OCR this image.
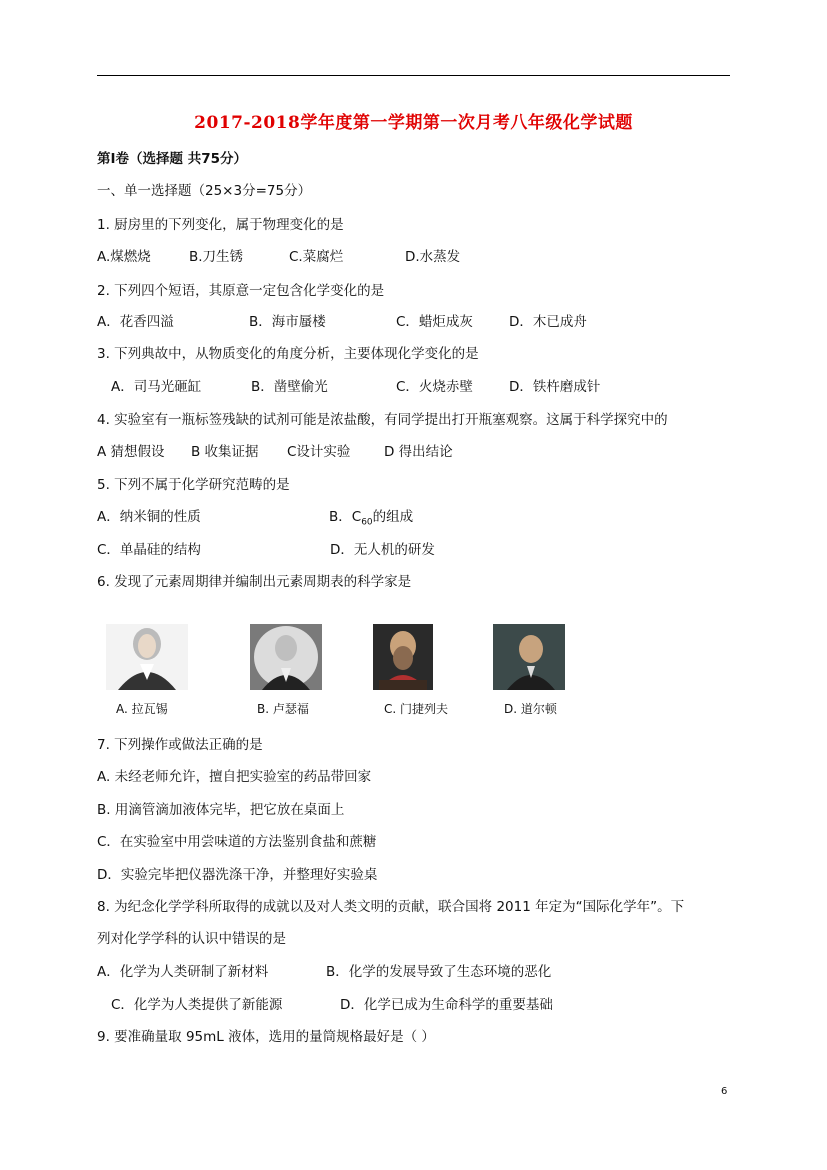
2017-2018学年度第一学期第一次月考八年级化学试题
第Ⅰ卷（选择题 共75分）
一、单一选择题（25×3分=75分）
1. 厨房里的下列变化，属于物理变化的是
A.煤燃烧	B.刀生锈	C.菜腐烂	D.水蒸发
2. 下列四个短语，其原意一定包含化学变化的是
A．花香四溢	B．海市蜃楼	C．蜡炬成灰	D．木已成舟
3. 下列典故中，从物质变化的角度分析，主要体现化学变化的是
A．司马光砸缸	B．凿壁偷光	C．火烧赤壁	D．铁杵磨成针
4. 实验室有一瓶标签残缺的试剂可能是浓盐酸，有同学提出打开瓶塞观察。这属于科学探究中的
A 猜想假设 B 收集证据 C设计实验 D 得出结论
5. 下列不属于化学研究范畴的是
A．纳米铜的性质	B．$C_{60}$的组成
C．单晶硅的结构	D．无人机的研发
6. 发现了元素周期律并编制出元素周期表的科学家是
A. 拉瓦锡	B. 卢瑟福	C. 门捷列夫	D. 道尔顿
7. 下列操作或做法正确的是
A. 未经老师允许，擅自把实验室的药品带回家
B. 用滴管滴加液体完毕，把它放在桌面上
C．在实验室中用尝味道的方法鉴别食盐和蔗糖
D．实验完毕把仪器洗涤干净，并整理好实验桌
8. 为纪念化学学科所取得的成就以及对人类文明的贡献，联合国将 2011 年定为“国际化学年”。下
列对化学学科的认识中错误的是
A．化学为人类研制了新材料	B．化学的发展导致了生态环境的恶化
C．化学为人类提供了新能源	D．化学已成为生命科学的重要基础
9. 要准确量取 95mL 液体，选用的量筒规格最好是（ ）
6
